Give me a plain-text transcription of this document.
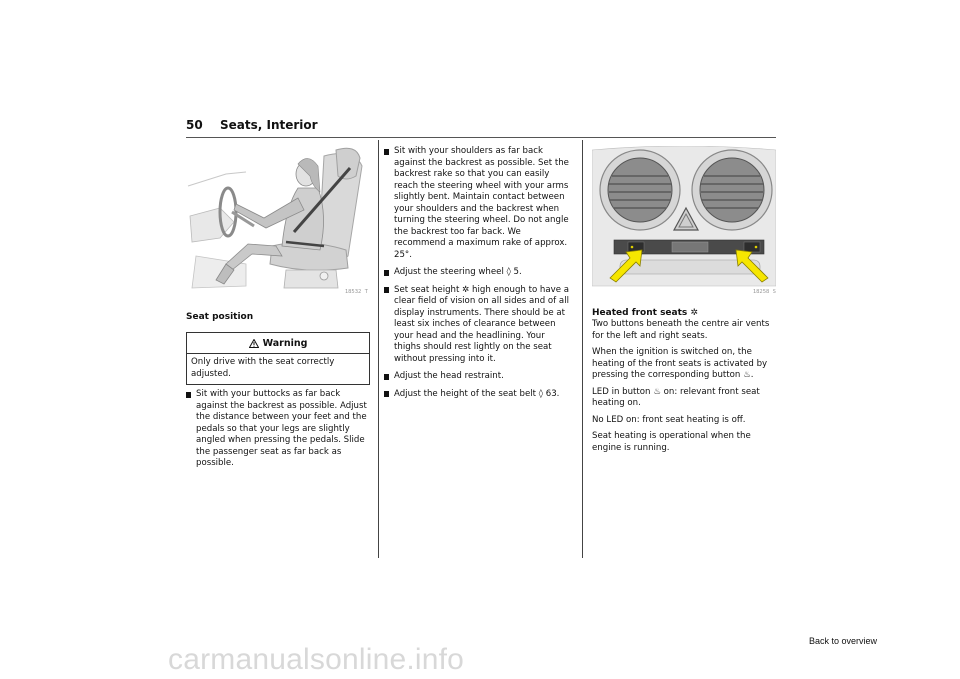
50 Seats, Interior
18532 T
Seat position
Warning
Only drive with the seat correctly adjusted.
Sit with your buttocks as far back against the backrest as possible. Adjust the distance between your feet and the pedals so that your legs are slightly angled when pressing the pedals. Slide the passenger seat as far back as possible.
Sit with your shoulders as far back against the backrest as possible. Set the backrest rake so that you can easily reach the steering wheel with your arms slightly bent. Maintain contact between your shoulders and the backrest when turning the steering wheel. Do not angle the backrest too far back. We recommend a maximum rake of approx. 25°.
Adjust the steering wheel ◊ 5.
Set seat height ✲ high enough to have a clear field of vision on all sides and of all display instruments. There should be at least six inches of clearance between your head and the headlining. Your thighs should rest lightly on the seat without pressing into it.
Adjust the head restraint.
Adjust the height of the seat belt ◊ 63.
18258 S
Heated front seats ✲

Two buttons beneath the centre air vents for the left and right seats.

When the ignition is switched on, the heating of the front seats is activated by pressing the corresponding button ♨.

LED in button ♨ on: relevant front seat heating on.

No LED on: front seat heating is off.

Seat heating is operational when the engine is running.

Back to overview
carmanualsonline.info
